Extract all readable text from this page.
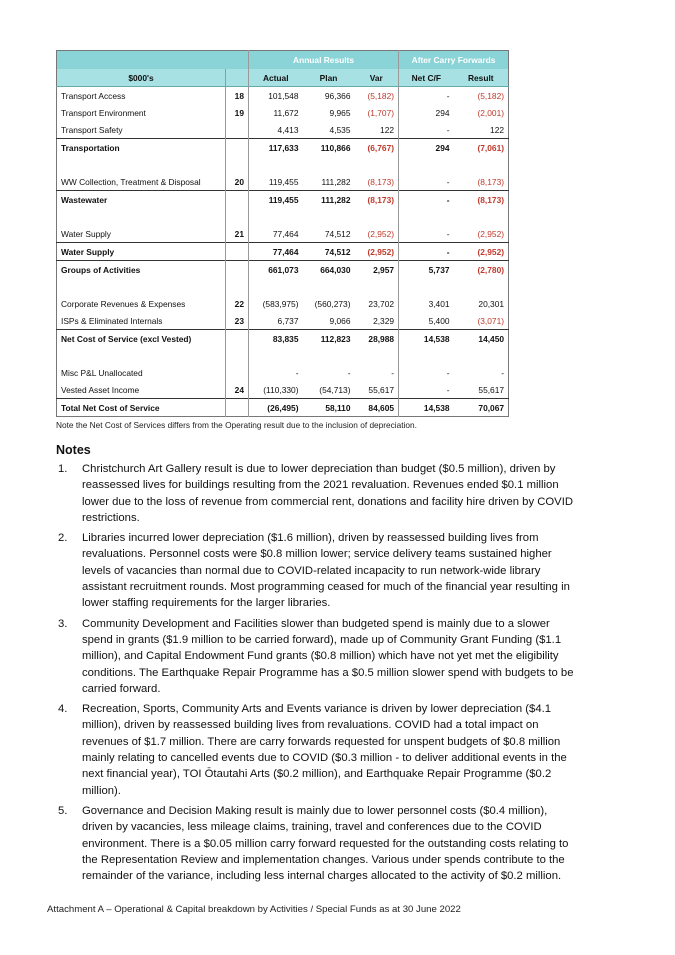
		Annual Results			After Carry Forwards	
$000's		Actual	Plan	Var	Net C/F	Result
Transport Access	18	101,548	96,366	(5,182)	-	(5,182)
Transport Environment	19	11,672	9,965	(1,707)	294	(2,001)
Transport Safety		4,413	4,535	122	-	122
Transportation		117,633	110,866	(6,767)	294	(7,061)

WW Collection, Treatment & Disposal	20	119,455	111,282	(8,173)	-	(8,173)
Wastewater		119,455	111,282	(8,173)	-	(8,173)

Water Supply	21	77,464	74,512	(2,952)	-	(2,952)
Water Supply		77,464	74,512	(2,952)	-	(2,952)
Groups of Activities		661,073	664,030	2,957	5,737	(2,780)

Corporate Revenues & Expenses	22	(583,975)	(560,273)	23,702	3,401	20,301
ISPs & Eliminated Internals	23	6,737	9,066	2,329	5,400	(3,071)
Net Cost of Service (excl Vested)		83,835	112,823	28,988	14,538	14,450

Misc P&L Unallocated		-	-	-	-	-
Vested Asset Income	24	(110,330)	(54,713)	55,617	-	55,617
Total Net Cost of Service		(26,495)	58,110	84,605	14,538	70,067
Note the Net Cost of Services differs from the Operating result due to the inclusion of depreciation.
Notes
1.	Christchurch Art Gallery result is due to lower depreciation than budget ($0.5 million), driven by reassessed lives for buildings resulting from the 2021 revaluation. Revenues ended $0.1 million lower due to the loss of revenue from commercial rent, donations and facility hire driven by COVID restrictions.
2.	Libraries incurred lower depreciation ($1.6 million), driven by reassessed building lives from revaluations. Personnel costs were $0.8 million lower; service delivery teams sustained higher levels of vacancies than normal due to COVID-related incapacity to run network-wide library assistant recruitment rounds. Most programming ceased for much of the financial year resulting in lower staffing requirements for the larger libraries.
3.	Community Development and Facilities slower than budgeted spend is mainly due to a slower spend in grants ($1.9 million to be carried forward), made up of Community Grant Funding ($1.1 million), and Capital Endowment Fund grants ($0.8 million) which have not yet met the eligibility conditions. The Earthquake Repair Programme has a $0.5 million slower spend with budgets to be carried forward.
4.	Recreation, Sports, Community Arts and Events variance is driven by lower depreciation ($4.1 million), driven by reassessed building lives from revaluations. COVID had a total impact on revenues of $1.7 million. There are carry forwards requested for unspent budgets of $0.8 million mainly relating to cancelled events due to COVID ($0.3 million - to deliver additional events in the next financial year), TOI Ōtautahi Arts ($0.2 million), and Earthquake Repair Programme ($0.2 million).
5.	Governance and Decision Making result is mainly due to lower personnel costs ($0.4 million), driven by vacancies, less mileage claims, training, travel and conferences due to the COVID environment. There is a $0.05 million carry forward requested for the outstanding costs relating to the Representation Review and implementation changes. Various under spends contribute to the remainder of the variance, including less internal charges allocated to the activity of $0.2 million.
Attachment A – Operational & Capital breakdown by Activities / Special Funds as at 30 June 2022
